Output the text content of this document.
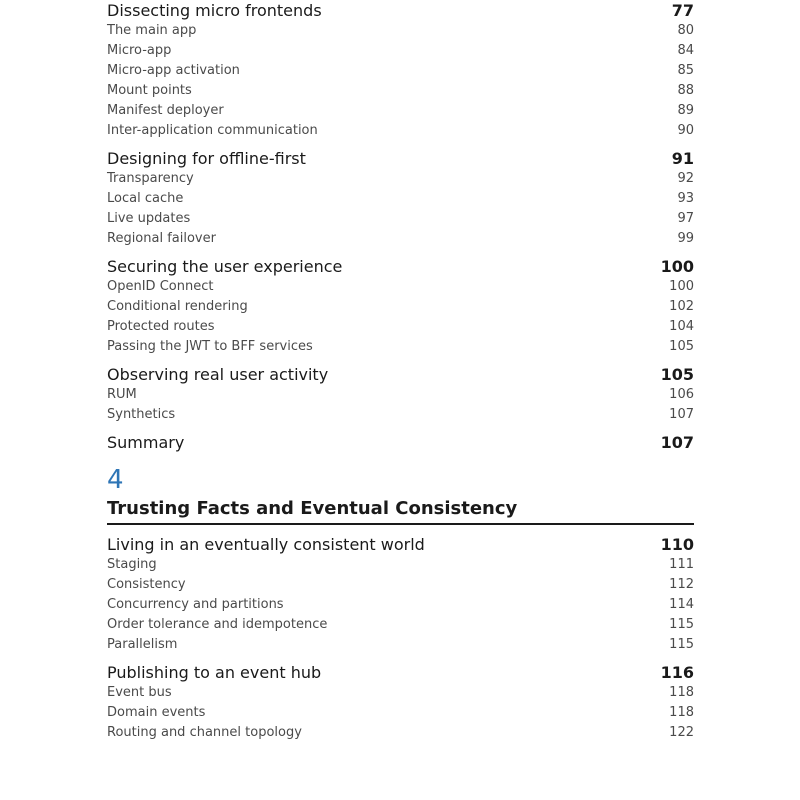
Dissecting micro frontends	77
The main app	80
Micro-app	84
Micro-app activation	85
Mount points	88
Manifest deployer	89
Inter-application communication	90
Designing for offline-first	91
Transparency	92
Local cache	93
Live updates	97
Regional failover	99
Securing the user experience	100
OpenID Connect	100
Conditional rendering	102
Protected routes	104
Passing the JWT to BFF services	105
Observing real user activity	105
RUM	106
Synthetics	107
Summary	107
4
Trusting Facts and Eventual Consistency
Living in an eventually consistent world	110
Staging	111
Consistency	112
Concurrency and partitions	114
Order tolerance and idempotence	115
Parallelism	115
Publishing to an event hub	116
Event bus	118
Domain events	118
Routing and channel topology	122
